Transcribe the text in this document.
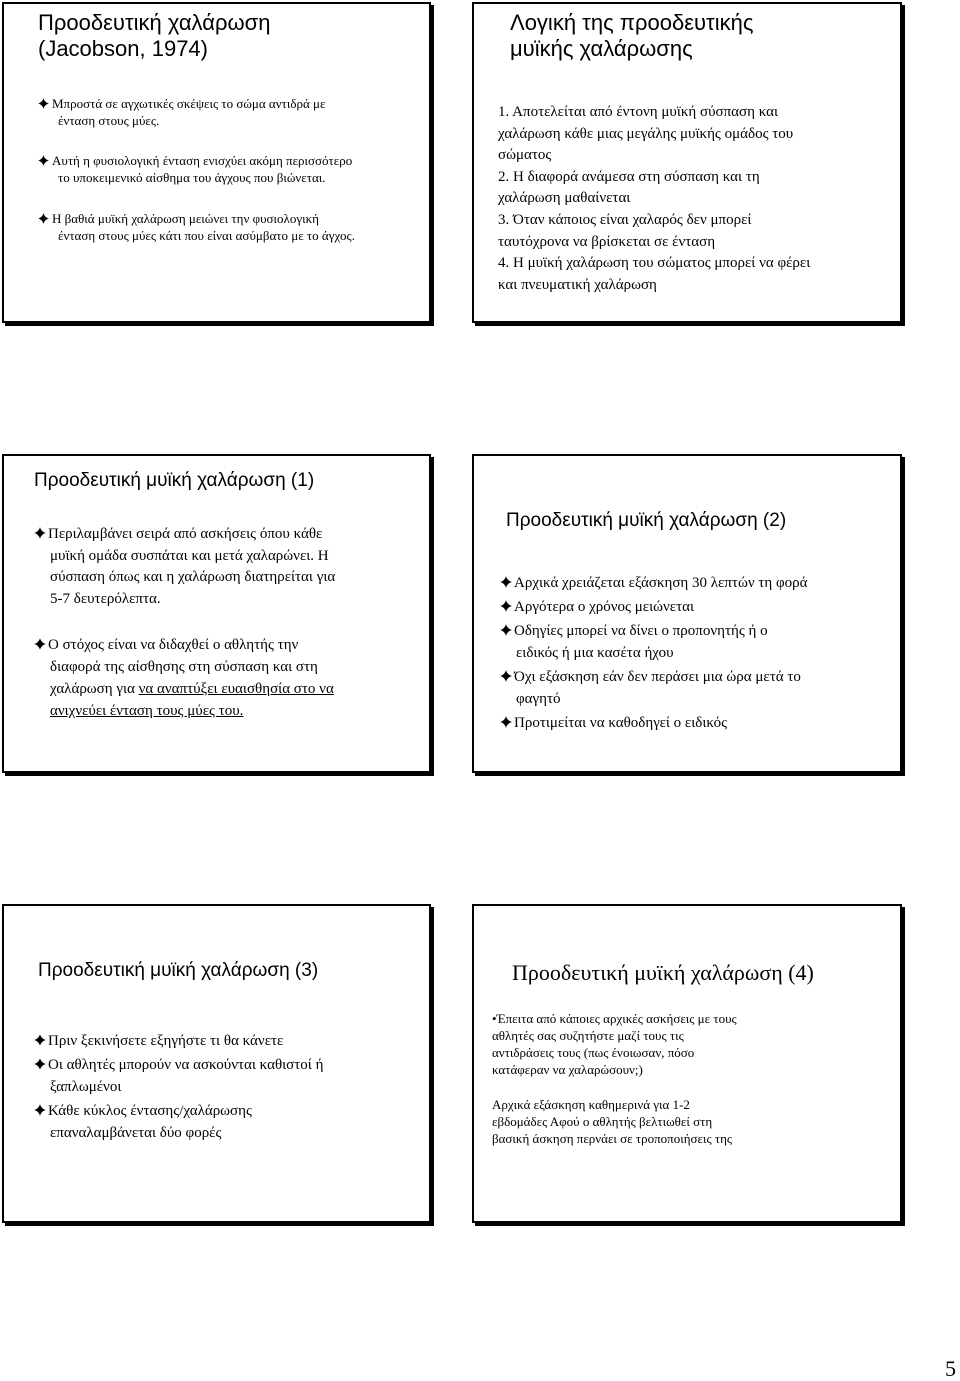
Προοδευτική χαλάρωση
(Jacobson, 1974)
Μπροστά σε αγχωτικές σκέψεις το σώμα αντιδρά με
ένταση στους μύες.
Αυτή η φυσιολογική ένταση ενισχύει ακόμη περισσότερο
το υποκειμενικό αίσθημα του άγχους που βιώνεται.
Η βαθιά μυϊκή χαλάρωση μειώνει την φυσιολογική
ένταση στους μύες κάτι που είναι ασύμβατο με το άγχος.
Λογική της προοδευτικής
μυϊκής χαλάρωσης
1. Αποτελείται από έντονη μυϊκή σύσπαση και
χαλάρωση κάθε μιας μεγάλης μυϊκής ομάδος του
σώματος
2. Η διαφορά ανάμεσα στη σύσπαση και τη
χαλάρωση μαθαίνεται
3. Όταν κάποιος είναι χαλαρός δεν μπορεί
ταυτόχρονα να βρίσκεται σε ένταση
4. Η μυϊκή χαλάρωση του σώματος μπορεί να φέρει
και πνευματική χαλάρωση
Προοδευτική μυϊκή χαλάρωση (1)
Περιλαμβάνει σειρά από ασκήσεις όπου κάθε
μυϊκή ομάδα συσπάται και μετά χαλαρώνει. Η
σύσπαση όπως και η χαλάρωση διατηρείται για
5-7 δευτερόλεπτα.
Ο στόχος είναι να διδαχθεί ο αθλητής την
διαφορά της αίσθησης στη σύσπαση και στη
χαλάρωση για να αναπτύξει ευαισθησία στο να
ανιχνεύει ένταση τους μύες του.
Προοδευτική μυϊκή χαλάρωση (2)
Αρχικά χρειάζεται εξάσκηση 30 λεπτών τη φορά
Αργότερα ο χρόνος μειώνεται
Οδηγίες μπορεί να δίνει ο προπονητής ή ο
ειδικός ή μια κασέτα ήχου
Όχι εξάσκηση εάν δεν περάσει μια ώρα μετά το
φαγητό
Προτιμείται να καθοδηγεί ο ειδικός
Προοδευτική μυϊκή χαλάρωση (3)
Πριν ξεκινήσετε εξηγήστε τι θα κάνετε
Οι αθλητές μπορούν να ασκούνται καθιστοί ή
ξαπλωμένοι
Κάθε κύκλος έντασης/χαλάρωσης
επαναλαμβάνεται δύο φορές
Προοδευτική μυϊκή χαλάρωση (4)
•Έπειτα από κάποιες αρχικές ασκήσεις με τους
αθλητές σας συζητήστε μαζί τους τις
αντιδράσεις τους (πως ένοιωσαν, πόσο
κατάφεραν να χαλαρώσουν;)
Αρχικά εξάσκηση καθημερινά για 1-2
εβδομάδες Αφού ο αθλητής βελτιωθεί στη
βασική άσκηση περνάει σε τροποποιήσεις της
5
